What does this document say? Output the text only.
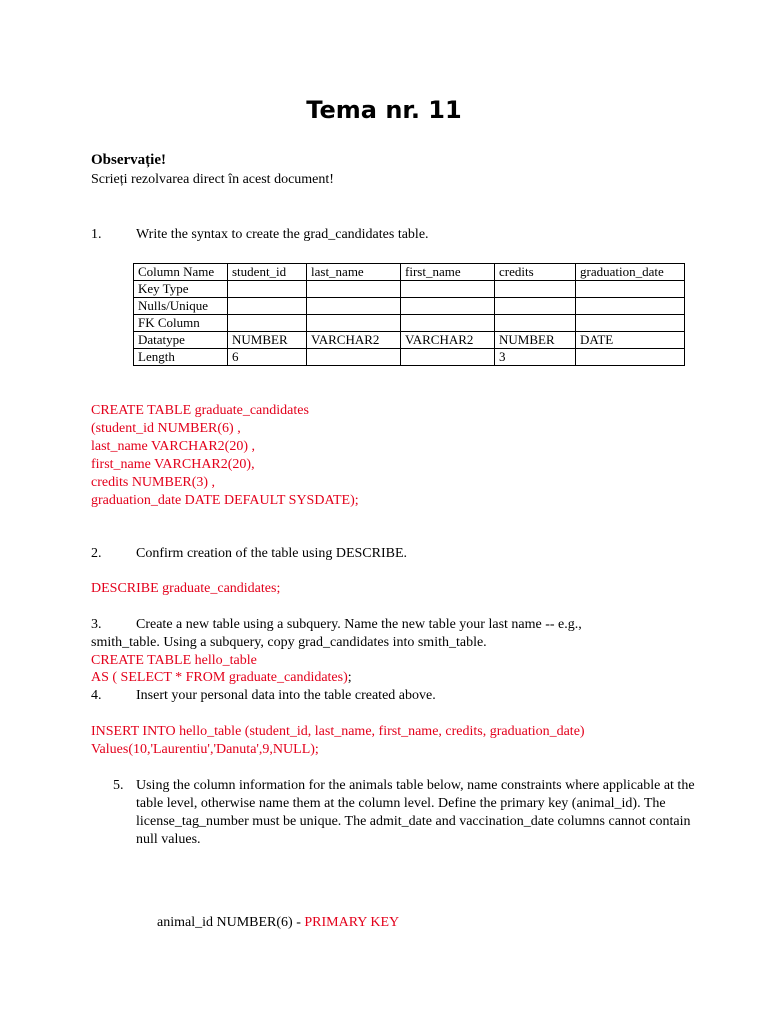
Tema nr. 11
Observație!
Scrieți rezolvarea direct în acest document!
1. Write the syntax to create the grad_candidates table.
Column Name	student_id	last_name	first_name	credits	graduation_date
Key Type					
Nulls/Unique					
FK Column					
Datatype	NUMBER	VARCHAR2	VARCHAR2	NUMBER	DATE
Length	6			3	
CREATE TABLE graduate_candidates
(student_id NUMBER(6) ,
last_name VARCHAR2(20) ,
first_name VARCHAR2(20),
credits NUMBER(3) ,
graduation_date DATE DEFAULT SYSDATE);
2. Confirm creation of the table using DESCRIBE.
DESCRIBE graduate_candidates;
3. Create a new table using a subquery. Name the new table your last name -- e.g.,
smith_table. Using a subquery, copy grad_candidates into smith_table.
CREATE TABLE hello_table
AS ( SELECT * FROM graduate_candidates);
4. Insert your personal data into the table created above.
INSERT INTO hello_table (student_id, last_name, first_name, credits, graduation_date)
Values(10,'Laurentiu','Danuta',9,NULL);
5. Using the column information for the animals table below, name constraints where applicable at the table level, otherwise name them at the column level. Define the primary key (animal_id). The license_tag_number must be unique. The admit_date and vaccination_date columns cannot contain null values.
animal_id NUMBER(6) - PRIMARY KEY
